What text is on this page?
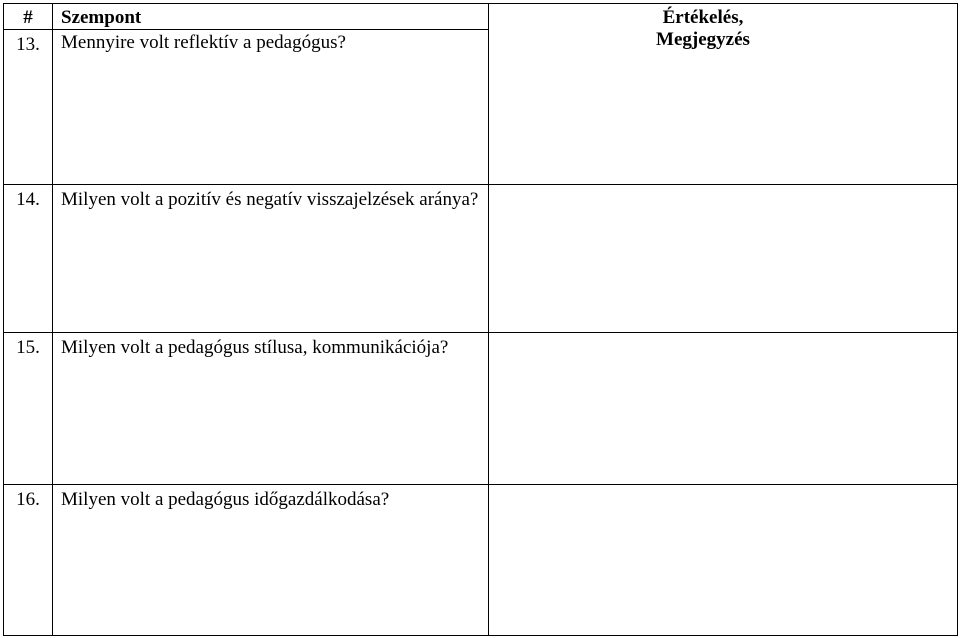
#	Szempont	Értékelés,
Megjegyzés

13.	Mennyire volt reflektív a pedagógus?	
14.	Milyen volt a pozitív és negatív visszajelzések aránya?	
15.	Milyen volt a pedagógus stílusa, kommunikációja?	
16.	Milyen volt a pedagógus időgazdálkodása?	
